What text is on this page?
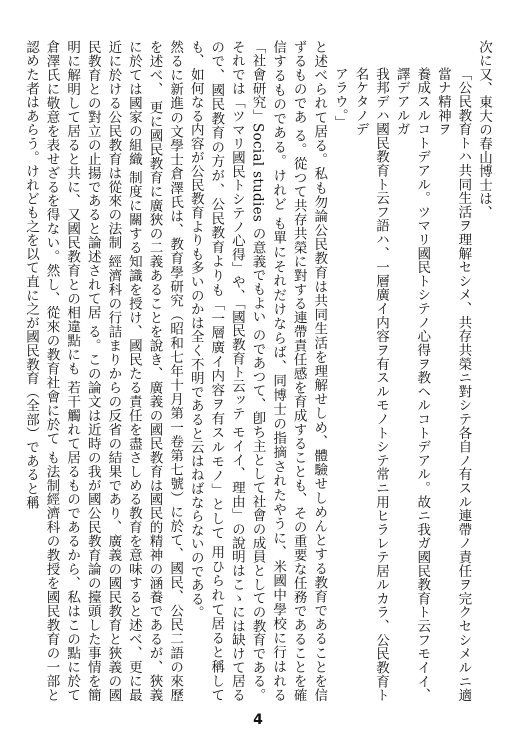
次に又、東大の春山博士は、
「公民教育トハ共同生活ヲ理解セシメ、共存共榮ニ對シテ各自ノ有スル連帶ノ責任ヲ完クセシメルニ適當ナ精神ヲ
養成スルコトデアル。ツマリ國民トシテノ心得ヲ教ヘルコトデアル。故ニ我ガ國民教育ト云フモイイ、譯デアルガ
我邦デハ國民教育ト云フ語ハ、一層廣イ内容ヲ有スルモノトシテ常ニ用ヒラレテ居ルカラ、公民教育ト名ケタノデ
アラウ。」
と述べられて居る。私も勿論公民教育は共同生活を理解せしめ、體驗せしめんとする教育であることを信ずるものであ る。從つて共存共榮に對する連帶責任感を育成することも、その重要な任務であることを確信するものである。けれど も單にそれだけならば、同博士の指摘されたやうに、米國中學校に行はれる「社會研究」Social studies の意義でもよい のであつて、卽ち主として社會の成員としての教育である。それでは「ツマリ國民トシテノ心得」や、「國民教育ト云ッテ モイイ、理由」の說明はこゝには缺けて居るので、國民教育の方が、公民教育よりも「一層廣イ内容ヲ有スルモノ」として 用ひられて居ると稱しても、如何なる内容が公民教育よりも多いのかは全く不明であると云はねばならないのである。
然るに新進の文學士倉澤氏は、教育學研究（昭和七年十月第一卷第七號）に於て、國民、公民二語の來歷を述べ、 更に國民教育に廣狹の二義あることを說き、廣義の國民教育は國民的精神の涵養であるが、狹義に於ては國家の組織 制度に關する知識を授け、國民たる責任を盡さしめる教育を意味すると述べ、更に最近に於ける公民教育は從來の法制 經濟科の行詰まりからの反省の結果であり、廣義の國民教育と狹義の國民教育との對立の止揚であると論述されて居 る。この論文は近時の我が國公民教育論の擡頭した事情を簡明に解明して居ると共に、又國民教育との相違點にも 若干觸れて居るものであるから、私はこの點に於て倉澤氏に敬意を表せざるを得ない。然し、從來の教育社會に於て も法制經濟科の教授を國民教育の一部と認めた者はあらう。けれども之を以て直に之が國民教育（全部）であると稱
4
